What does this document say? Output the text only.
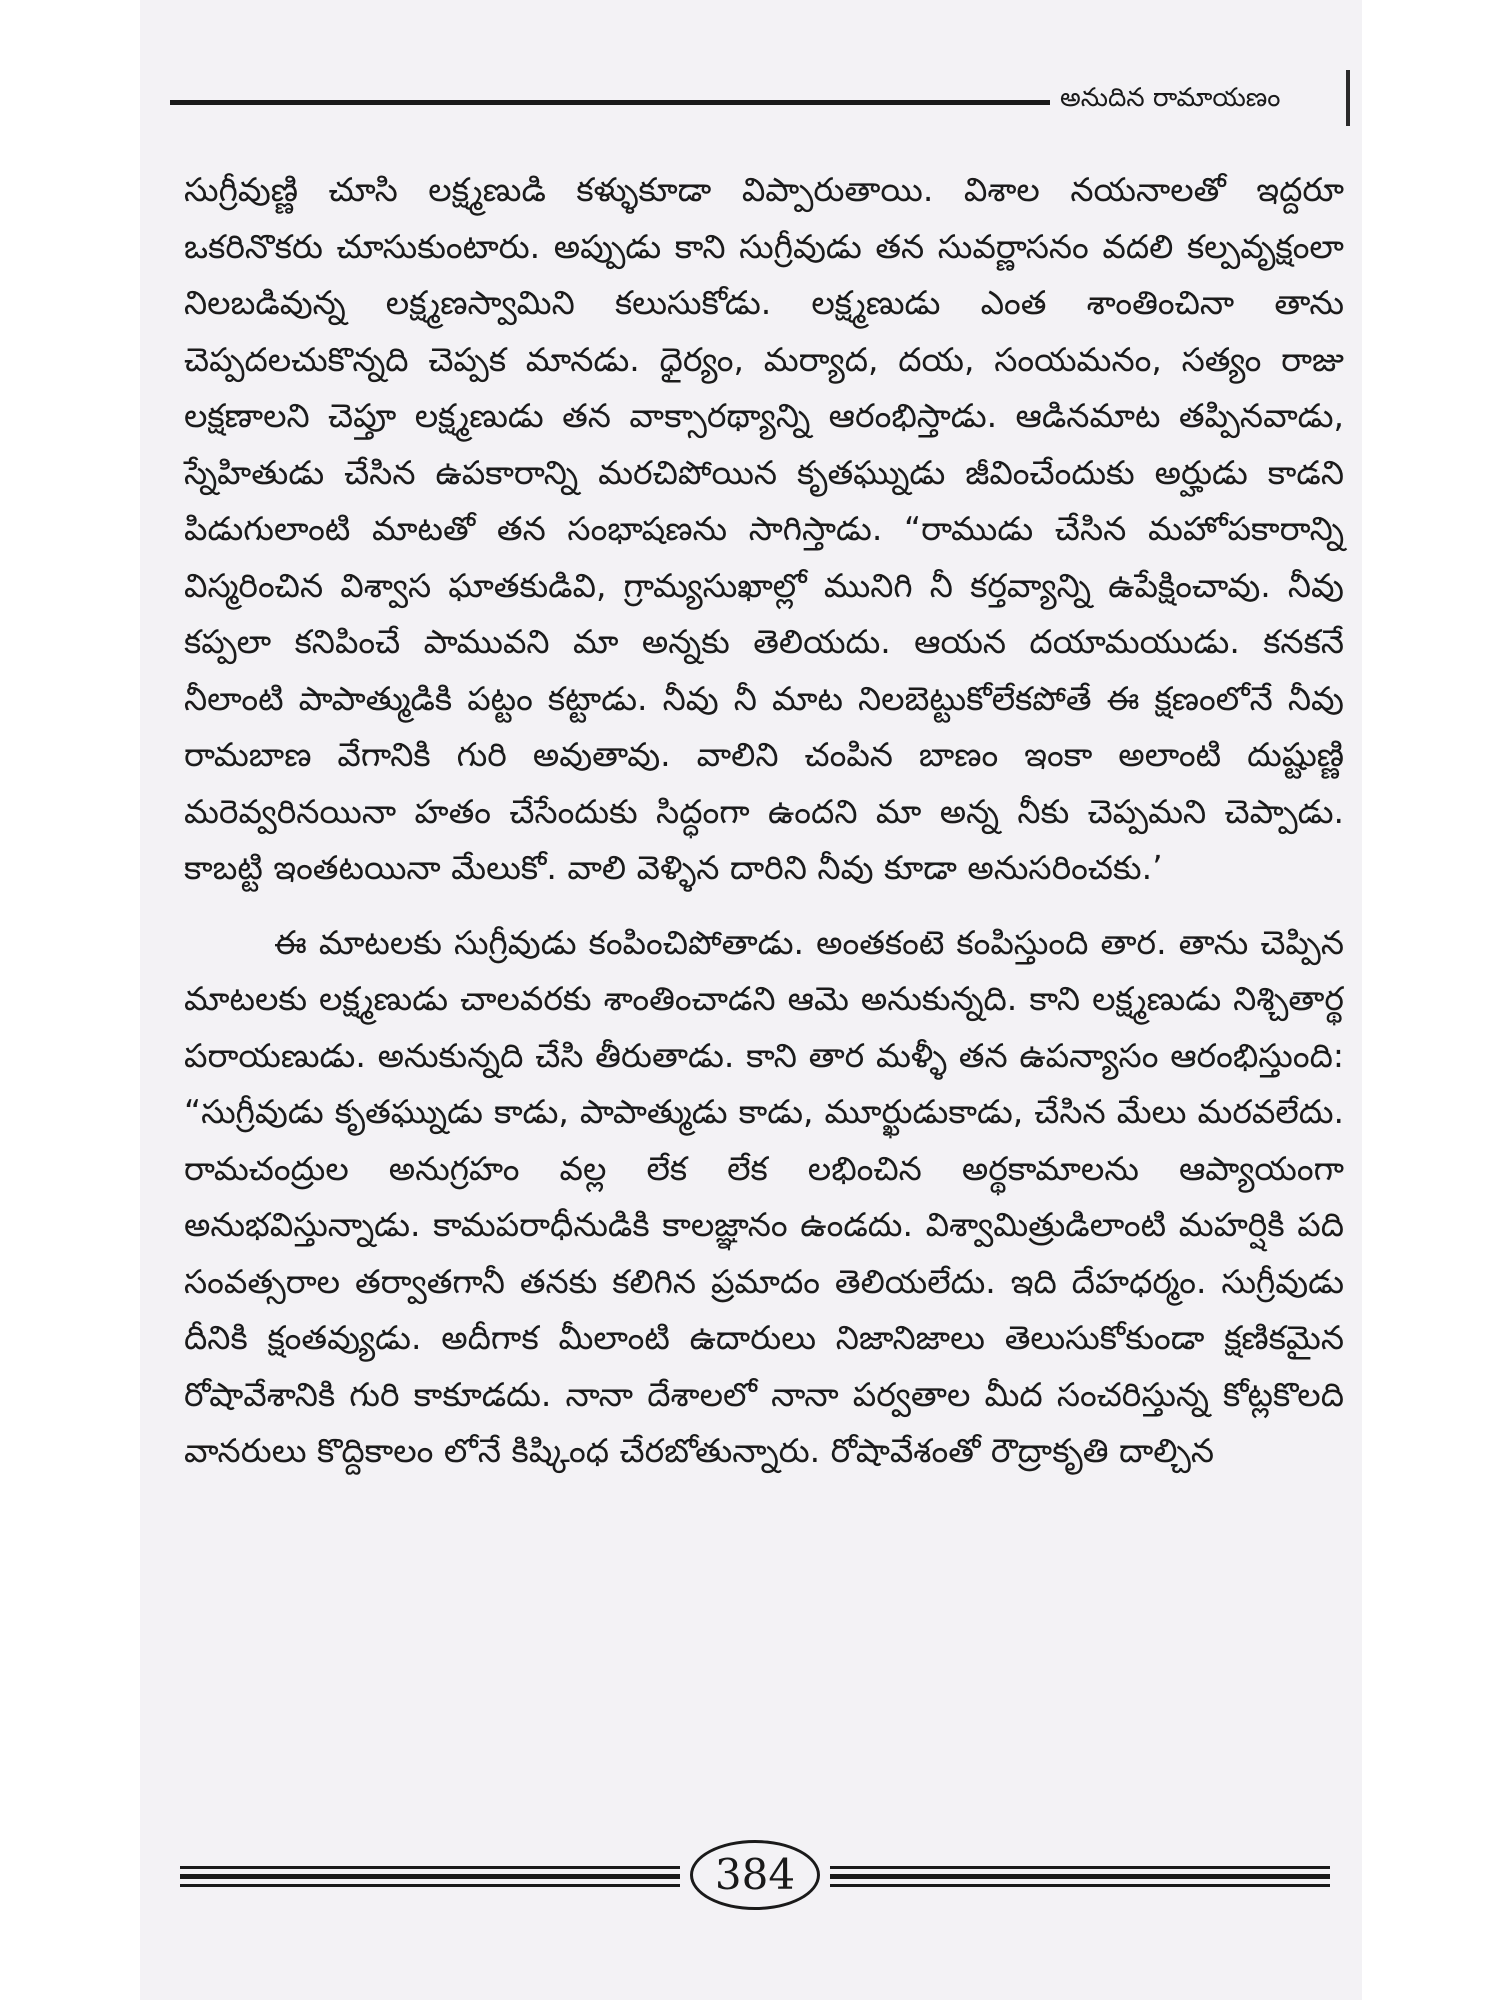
అనుదిన రామాయణం

సుగ్రీవుణ్ణి చూసి లక్ష్మణుడి కళ్ళుకూడా విప్పారుతాయి. విశాల నయనాలతో ఇద్దరూ ఒకరినొకరు చూసుకుంటారు. అప్పుడు కాని సుగ్రీవుడు తన సువర్ణాసనం వదలి కల్పవృక్షంలా నిలబడివున్న లక్ష్మణస్వామిని కలుసుకోడు. లక్ష్మణుడు ఎంత శాంతించినా తాను చెప్పదలచుకొన్నది చెప్పక మానడు. ధైర్యం, మర్యాద, దయ, సంయమనం, సత్యం రాజు లక్షణాలని చెప్తూ లక్ష్మణుడు తన వాక్సారథ్యాన్ని ఆరంభిస్తాడు. ఆడినమాట తప్పినవాడు, స్నేహితుడు చేసిన ఉపకారాన్ని మరచిపోయిన కృతఘ్నుడు జీవించేందుకు అర్హుడు కాడని పిడుగులాంటి మాటతో తన సంభాషణను సాగిస్తాడు. “రాముడు చేసిన మహోపకారాన్ని విస్మరించిన విశ్వాస ఘాతకుడివి, గ్రామ్యసుఖాల్లో మునిగి నీ కర్తవ్యాన్ని ఉపేక్షించావు. నీవు కప్పలా కనిపించే పామువని మా అన్నకు తెలియదు. ఆయన దయామయుడు. కనకనే నీలాంటి పాపాత్ముడికి పట్టం కట్టాడు. నీవు నీ మాట నిలబెట్టుకోలేకపోతే ఈ క్షణంలోనే నీవు రామబాణ వేగానికి గురి అవుతావు. వాలిని చంపిన బాణం ఇంకా అలాంటి దుష్టుణ్ణి మరెవ్వరినయినా హతం చేసేందుకు సిద్ధంగా ఉందని మా అన్న నీకు చెప్పమని చెప్పాడు. కాబట్టి ఇంతటయినా మేలుకో. వాలి వెళ్ళిన దారిని నీవు కూడా అనుసరించకు.’

ఈ మాటలకు సుగ్రీవుడు కంపించిపోతాడు. అంతకంటె కంపిస్తుంది తార. తాను చెప్పిన మాటలకు లక్ష్మణుడు చాలవరకు శాంతించాడని ఆమె అనుకున్నది. కాని లక్ష్మణుడు నిశ్చితార్థ పరాయణుడు. అనుకున్నది చేసి తీరుతాడు. కాని తార మళ్ళీ తన ఉపన్యాసం ఆరంభిస్తుంది: “సుగ్రీవుడు కృతఘ్నుడు కాడు, పాపాత్ముడు కాడు, మూర్ఖుడుకాడు, చేసిన మేలు మరవలేదు. రామచంద్రుల అనుగ్రహం వల్ల లేక లేక లభించిన అర్థకామాలను ఆప్యాయంగా అనుభవిస్తున్నాడు. కామపరాధీనుడికి కాలజ్ఞానం ఉండదు. విశ్వామిత్రుడిలాంటి మహర్షికి పది సంవత్సరాల తర్వాతగానీ తనకు కలిగిన ప్రమాదం తెలియలేదు. ఇది దేహధర్మం. సుగ్రీవుడు దీనికి క్షంతవ్యుడు. అదీగాక మీలాంటి ఉదారులు నిజానిజాలు తెలుసుకోకుండా క్షణికమైన రోషావేశానికి గురి కాకూడదు. నానా దేశాలలో నానా పర్వతాల మీద సంచరిస్తున్న కోట్లకొలది వానరులు కొద్దికాలం లోనే కిష్కింధ చేరబోతున్నారు. రోషావేశంతో రౌద్రాకృతి దాల్చిన

384
